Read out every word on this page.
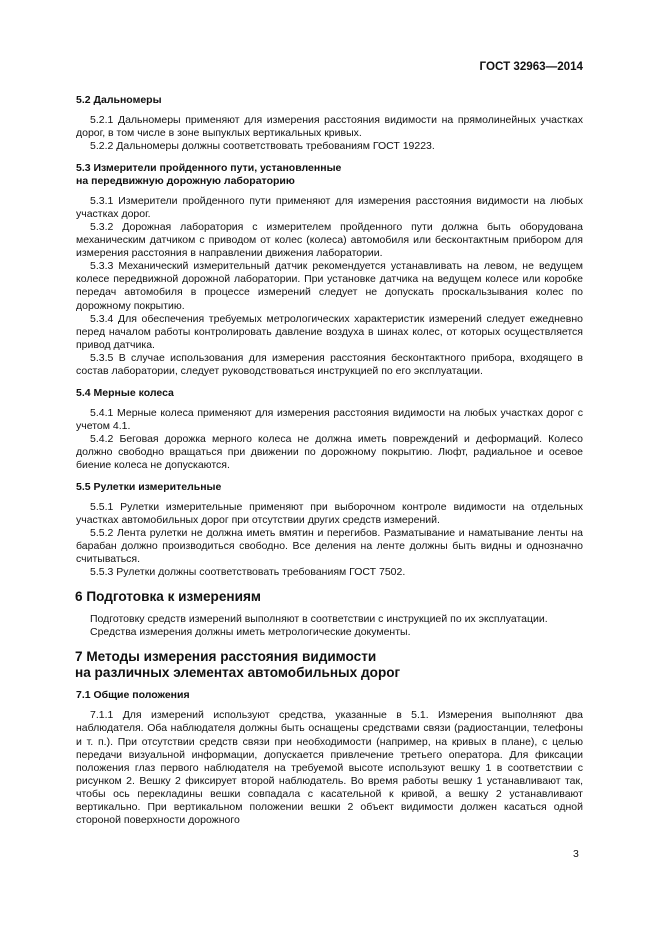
ГОСТ 32963—2014
5.2 Дальномеры

5.2.1 Дальномеры применяют для измерения расстояния видимости на прямолинейных участках дорог, в том числе в зоне выпуклых вертикальных кривых.

5.2.2 Дальномеры должны соответствовать требованиям ГОСТ 19223.

5.3 Измерители пройденного пути, установленные
на передвижную дорожную лабораторию

5.3.1 Измерители пройденного пути применяют для измерения расстояния видимости на любых участках дорог.

5.3.2 Дорожная лаборатория с измерителем пройденного пути должна быть оборудована механическим датчиком с приводом от колес (колеса) автомобиля или бесконтактным прибором для измерения расстояния в направлении движения лаборатории.

5.3.3 Механический измерительный датчик рекомендуется устанавливать на левом, не ведущем колесе передвижной дорожной лаборатории. При установке датчика на ведущем колесе или коробке передач автомобиля в процессе измерений следует не допускать проскальзывания колес по дорожному покрытию.

5.3.4 Для обеспечения требуемых метрологических характеристик измерений следует ежедневно перед началом работы контролировать давление воздуха в шинах колес, от которых осуществляется привод датчика.

5.3.5 В случае использования для измерения расстояния бесконтактного прибора, входящего в состав лаборатории, следует руководствоваться инструкцией по его эксплуатации.

5.4 Мерные колеса

5.4.1 Мерные колеса применяют для измерения расстояния видимости на любых участках дорог с учетом 4.1.

5.4.2 Беговая дорожка мерного колеса не должна иметь повреждений и деформаций. Колесо должно свободно вращаться при движении по дорожному покрытию. Люфт, радиальное и осевое биение колеса не допускаются.

5.5 Рулетки измерительные

5.5.1 Рулетки измерительные применяют при выборочном контроле видимости на отдельных участках автомобильных дорог при отсутствии других средств измерений.

5.5.2 Лента рулетки не должна иметь вмятин и перегибов. Разматывание и наматывание ленты на барабан должно производиться свободно. Все деления на ленте должны быть видны и однозначно считываться.

5.5.3 Рулетки должны соответствовать требованиям ГОСТ 7502.

6 Подготовка к измерениям

Подготовку средств измерений выполняют в соответствии с инструкцией по их эксплуатации.

Средства измерения должны иметь метрологические документы.

7 Методы измерения расстояния видимости
на различных элементах автомобильных дорог
7.1 Общие положения

7.1.1 Для измерений используют средства, указанные в 5.1. Измерения выполняют два наблюдателя. Оба наблюдателя должны быть оснащены средствами связи (радиостанции, телефоны и т. п.). При отсутствии средств связи при необходимости (например, на кривых в плане), с целью передачи визуальной информации, допускается привлечение третьего оператора. Для фиксации положения глаз первого наблюдателя на требуемой высоте используют вешку 1 в соответствии с рисунком 2. Вешку 2 фиксирует второй наблюдатель. Во время работы вешку 1 устанавливают так, чтобы ось перекладины вешки совпадала с касательной к кривой, а вешку 2 устанавливают вертикально. При вертикальном положении вешки 2 объект видимости должен касаться одной стороной поверхности дорожного

3
